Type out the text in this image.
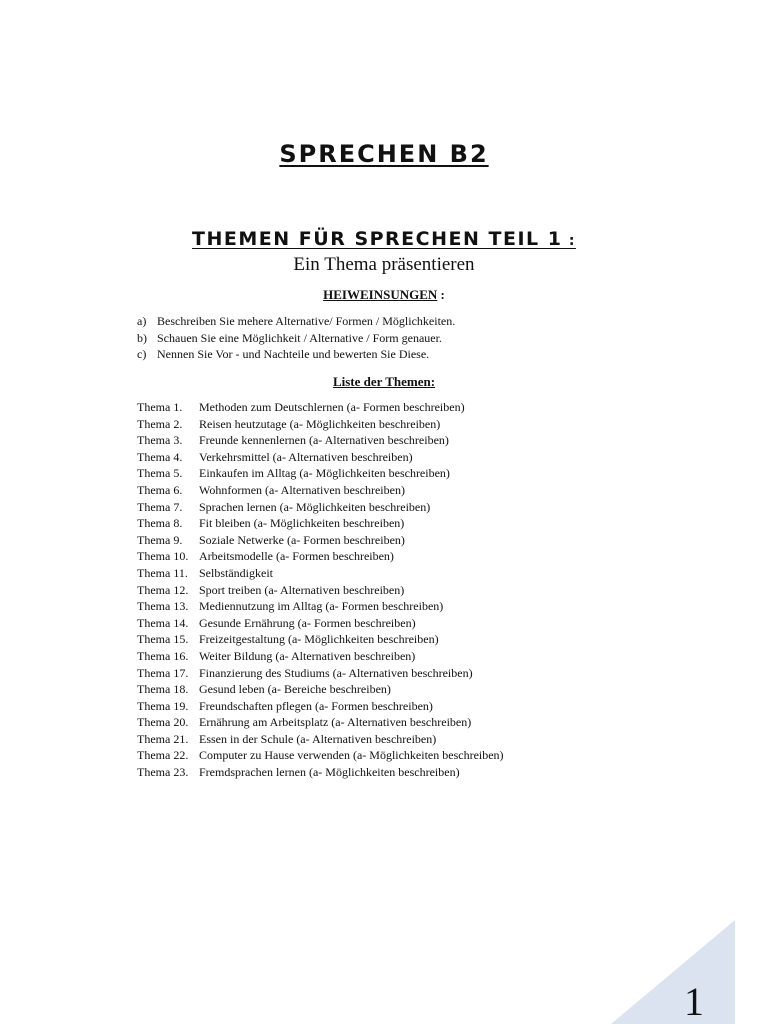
SPRECHEN B2
THEMEN FÜR SPRECHEN TEIL 1 :
Ein Thema präsentieren
HEIWEINSUNGEN :
a) Beschreiben Sie mehere Alternative/ Formen / Möglichkeiten.
b) Schauen Sie eine Möglichkeit / Alternative / Form genauer.
c) Nennen Sie Vor - und Nachteile und bewerten Sie Diese.
Liste der Themen:
Thema 1.	Methoden zum Deutschlernen (a- Formen beschreiben)
Thema 2.	Reisen heutzutage (a- Möglichkeiten beschreiben)
Thema 3.	Freunde kennenlernen (a- Alternativen beschreiben)
Thema 4.	Verkehrsmittel (a- Alternativen beschreiben)
Thema 5.	Einkaufen im Alltag (a- Möglichkeiten beschreiben)
Thema 6.	Wohnformen (a- Alternativen beschreiben)
Thema 7.	Sprachen lernen (a- Möglichkeiten beschreiben)
Thema 8.	Fit bleiben (a- Möglichkeiten beschreiben)
Thema 9.	Soziale Netwerke (a- Formen beschreiben)
Thema 10. Arbeitsmodelle (a- Formen beschreiben)
Thema 11. Selbständigkeit
Thema 12. Sport treiben (a- Alternativen beschreiben)
Thema 13. Mediennutzung im Alltag (a- Formen beschreiben)
Thema 14. Gesunde Ernährung (a- Formen beschreiben)
Thema 15. Freizeitgestaltung (a- Möglichkeiten beschreiben)
Thema 16. Weiter Bildung (a- Alternativen beschreiben)
Thema 17. Finanzierung des Studiums (a- Alternativen beschreiben)
Thema 18. Gesund leben (a- Bereiche beschreiben)
Thema 19. Freundschaften pflegen (a- Formen beschreiben)
Thema 20. Ernährung am Arbeitsplatz (a- Alternativen beschreiben)
Thema 21. Essen in der Schule (a- Alternativen beschreiben)
Thema 22. Computer zu Hause verwenden (a- Möglichkeiten beschreiben)
Thema 23. Fremdsprachen lernen (a- Möglichkeiten beschreiben)
1
